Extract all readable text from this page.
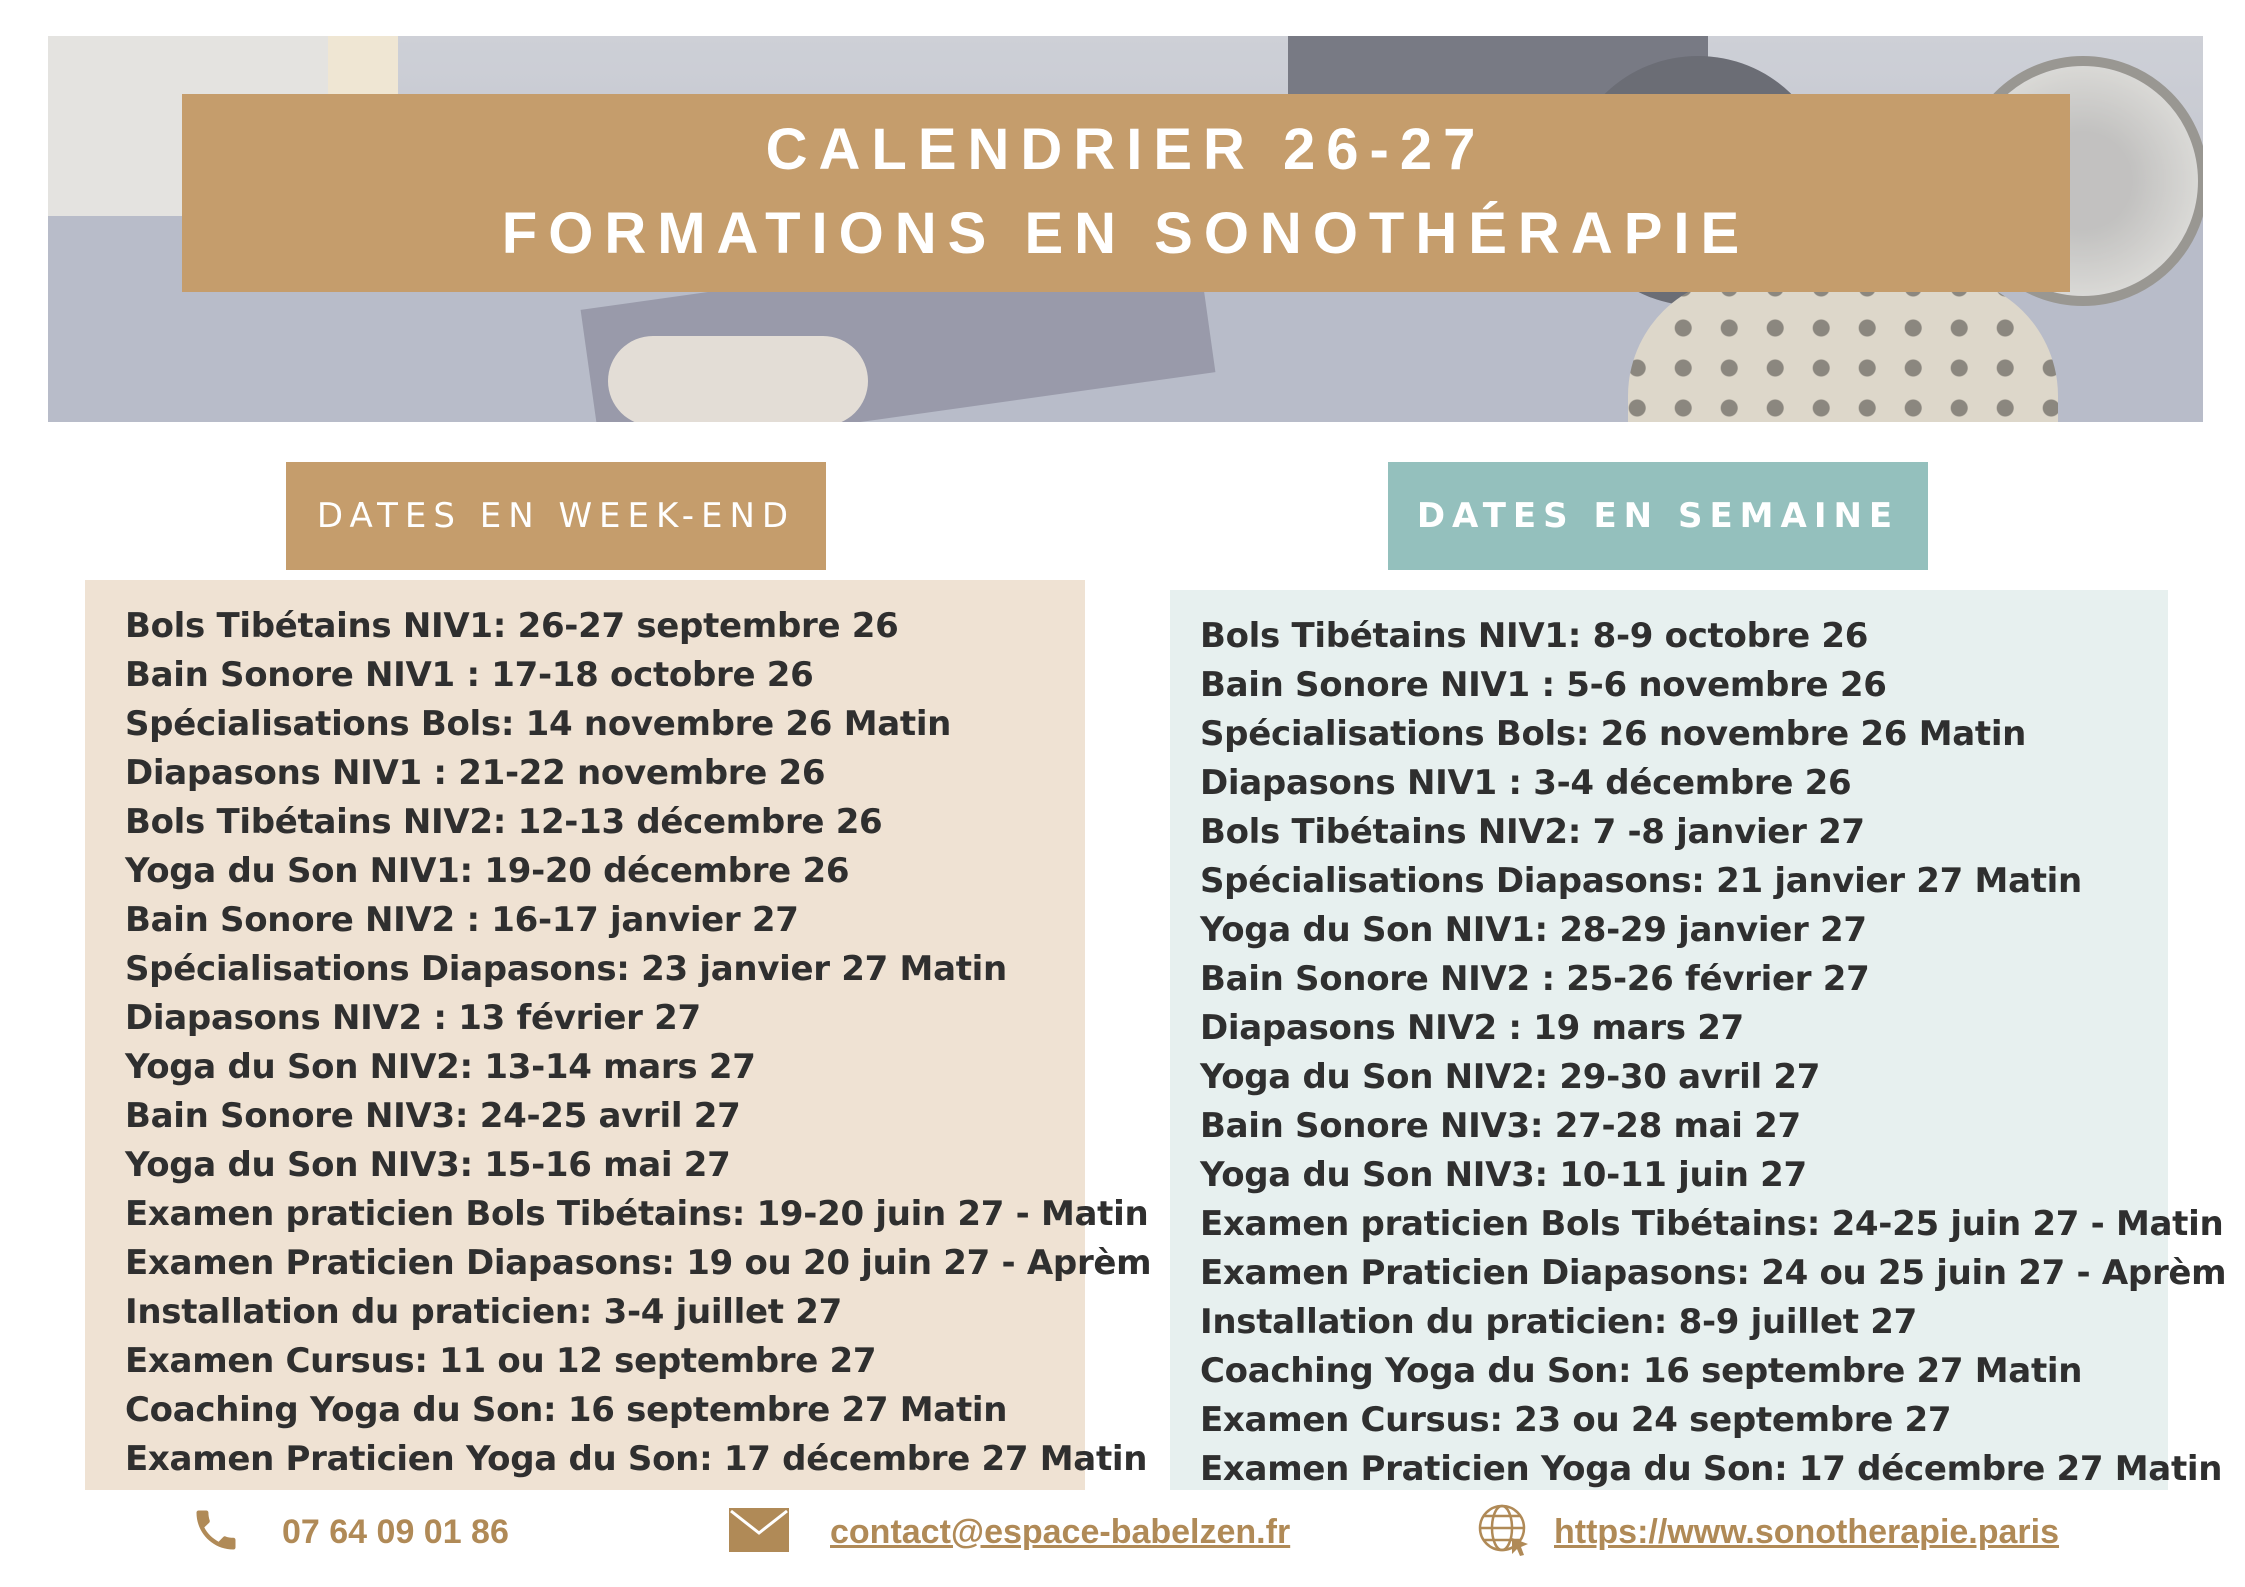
CALENDRIER 26-27
FORMATIONS EN SONOTHÉRAPIE
DATES EN WEEK-END	DATES EN SEMAINE
Bols Tibétains NIV1: 26-27 septembre 26
Bain Sonore NIV1 : 17-18 octobre 26
Spécialisations Bols: 14 novembre 26 Matin
Diapasons NIV1 : 21-22 novembre 26
Bols Tibétains NIV2: 12-13 décembre 26
Yoga du Son NIV1: 19-20 décembre 26
Bain Sonore NIV2 : 16-17 janvier 27
Spécialisations Diapasons: 23 janvier 27 Matin
Diapasons NIV2 : 13 février 27
Yoga du Son NIV2: 13-14 mars 27
Bain Sonore NIV3: 24-25 avril 27
Yoga du Son NIV3: 15-16 mai 27
Examen praticien Bols Tibétains: 19-20 juin 27 - Matin
Examen Praticien Diapasons: 19 ou 20 juin 27 - Aprèm
Installation du praticien: 3-4 juillet 27
Examen Cursus: 11 ou 12 septembre 27
Coaching Yoga du Son: 16 septembre 27 Matin
Examen Praticien Yoga du Son: 17 décembre 27 Matin
Bols Tibétains NIV1: 8-9 octobre 26
Bain Sonore NIV1 : 5-6 novembre 26
Spécialisations Bols: 26 novembre 26 Matin
Diapasons NIV1 : 3-4 décembre 26
Bols Tibétains NIV2: 7 -8 janvier 27
Spécialisations Diapasons: 21 janvier 27 Matin
Yoga du Son NIV1: 28-29 janvier 27
Bain Sonore NIV2 : 25-26 février 27
Diapasons NIV2 : 19 mars 27
Yoga du Son NIV2: 29-30 avril 27
Bain Sonore NIV3: 27-28 mai 27
Yoga du Son NIV3: 10-11 juin 27
Examen praticien Bols Tibétains: 24-25 juin 27 - Matin
Examen Praticien Diapasons: 24 ou 25 juin 27 - Aprèm
Installation du praticien: 8-9 juillet 27
Coaching Yoga du Son: 16 septembre 27 Matin
Examen Cursus: 23 ou 24 septembre 27
Examen Praticien Yoga du Son: 17 décembre 27 Matin
07 64 09 01 86	contact@espace-babelzen.fr	https://www.sonotherapie.paris
